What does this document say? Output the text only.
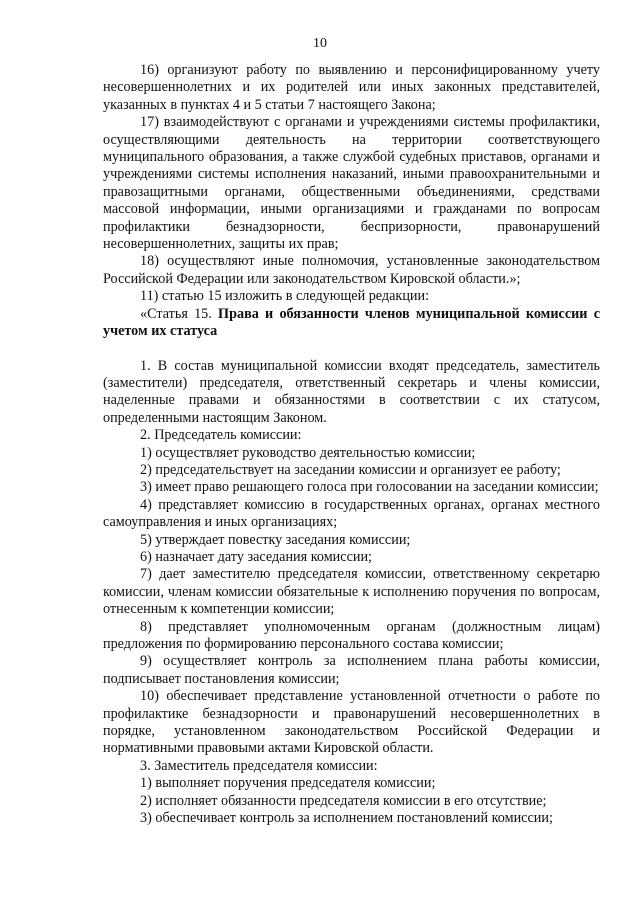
10

16) организуют работу по выявлению и персонифицированному учету несовершеннолетних и их родителей или иных законных представителей, указанных в пунктах 4 и 5 статьи 7 настоящего Закона;

17) взаимодействуют с органами и учреждениями системы профилактики, осуществляющими деятельность на территории соответствующего муниципального образования, а также службой судебных приставов, органами и учреждениями системы исполнения наказаний, иными правоохранительными и правозащитными органами, общественными объединениями, средствами массовой информации, иными организациями и гражданами по вопросам профилактики безнадзорности, беспризорности, правонарушений несовершеннолетних, защиты их прав;

18) осуществляют иные полномочия, установленные законодательством Российской Федерации или законодательством Кировской области.»;

11) статью 15 изложить в следующей редакции:

«Статья 15. Права и обязанности членов муниципальной комиссии с учетом их статуса

1. В состав муниципальной комиссии входят председатель, заместитель (заместители) председателя, ответственный секретарь и члены комиссии, наделенные правами и обязанностями в соответствии с их статусом, определенными настоящим Законом.

2. Председатель комиссии:

1) осуществляет руководство деятельностью комиссии;

2) председательствует на заседании комиссии и организует ее работу;

3) имеет право решающего голоса при голосовании на заседании комиссии;

4) представляет комиссию в государственных органах, органах местного самоуправления и иных организациях;

5) утверждает повестку заседания комиссии;

6) назначает дату заседания комиссии;

7) дает заместителю председателя комиссии, ответственному секретарю комиссии, членам комиссии обязательные к исполнению поручения по вопросам, отнесенным к компетенции комиссии;

8) представляет уполномоченным органам (должностным лицам) предложения по формированию персонального состава комиссии;

9) осуществляет контроль за исполнением плана работы комиссии, подписывает постановления комиссии;

10) обеспечивает представление установленной отчетности о работе по профилактике безнадзорности и правонарушений несовершеннолетних в порядке, установленном законодательством Российской Федерации и нормативными правовыми актами Кировской области.

3. Заместитель председателя комиссии:

1) выполняет поручения председателя комиссии;

2) исполняет обязанности председателя комиссии в его отсутствие;

3) обеспечивает контроль за исполнением постановлений комиссии;
